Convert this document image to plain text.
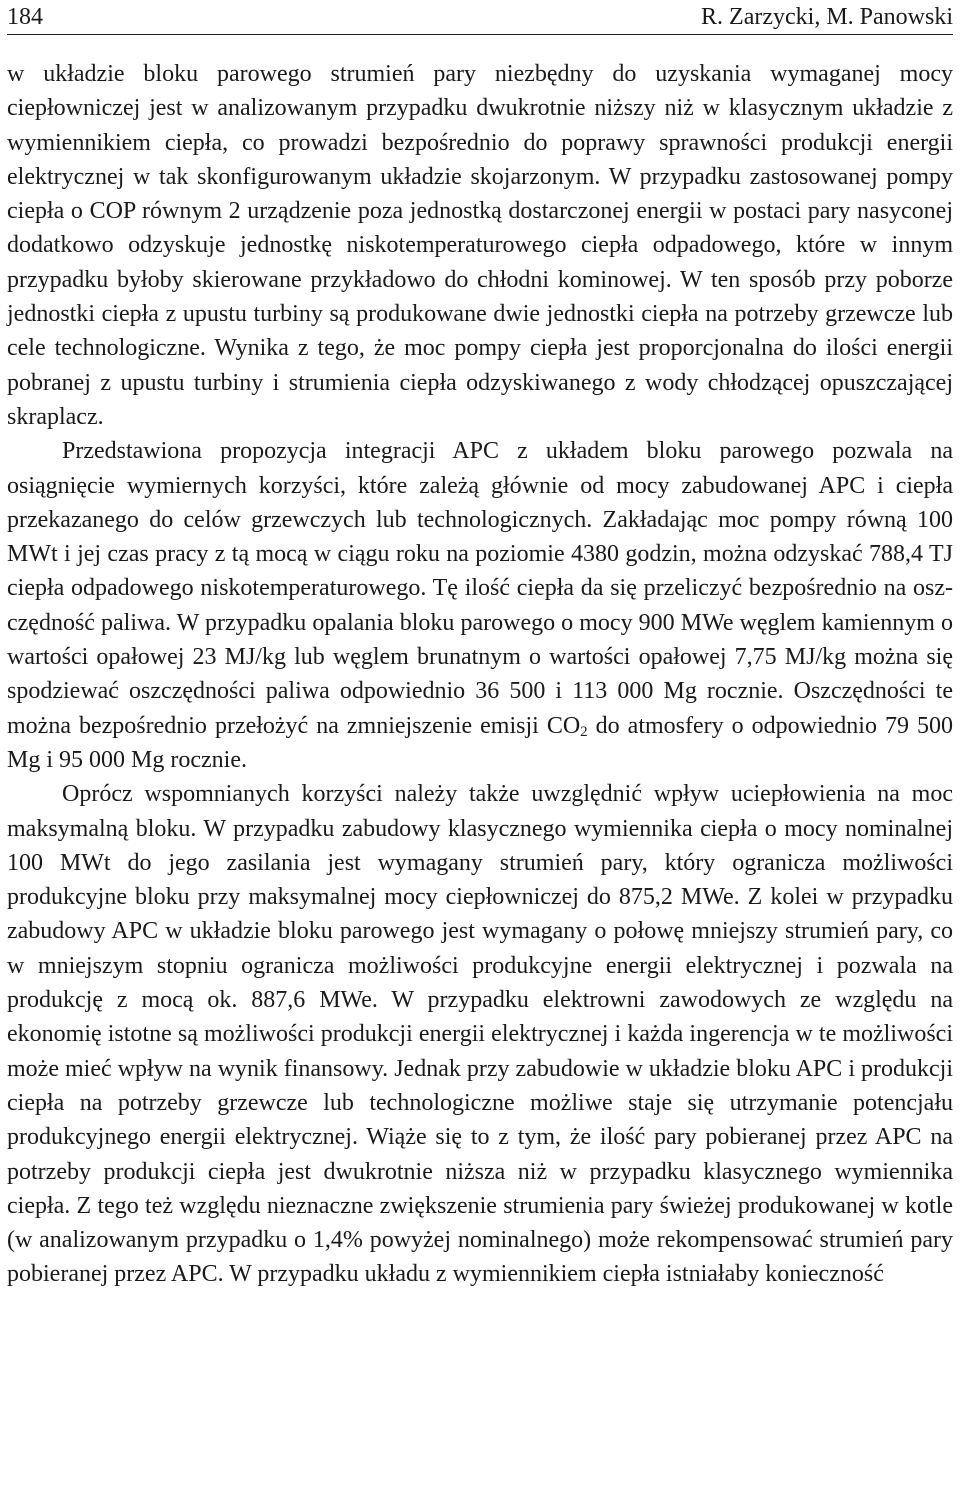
184	R. Zarzycki, M. Panowski

w układzie bloku parowego strumień pary niezbędny do uzyskania wymaganej mocy ciepłowniczej jest w analizowanym przypadku dwukrotnie niższy niż w klasycznym układzie z wymiennikiem ciepła, co prowadzi bezpośrednio do poprawy sprawności produkcji energii elektrycznej w tak skonfigurowanym układzie skojarzonym. W przypadku zastosowanej pompy ciepła o COP równym 2 urządzenie poza jednostką dostarczonej energii w postaci pary nasyconej dodatkowo odzyskuje jednostkę niskotemperaturowego ciepła odpadowego, które w innym przypadku byłoby skierowane przykładowo do chłodni kominowej. W ten sposób przy poborze jednostki ciepła z upustu turbiny są produkowane dwie jednostki ciepła na potrzeby grzewcze lub cele technologiczne. Wynika z tego, że moc pompy ciepła jest proporcjonalna do ilości energii pobranej z upustu turbiny i strumienia ciepła odzyskiwanego z wody chłodzącej opuszczającej skraplacz.

Przedstawiona propozycja integracji APC z układem bloku parowego pozwala na osiągnięcie wymiernych korzyści, które zależą głównie od mocy zabudowanej APC i ciepła przekazanego do celów grzewczych lub technologicznych. Zakładając moc pompy równą 100 MWt i jej czas pracy z tą mocą w ciągu roku na poziomie 4380 godzin, można odzyskać 788,4 TJ ciepła odpadowego niskotemperaturowego. Tę ilość ciepła da się przeliczyć bezpośrednio na oszczędność paliwa. W przypadku opalania bloku parowego o mocy 900 MWe węglem kamiennym o wartości opałowej 23 MJ/kg lub węglem brunatnym o wartości opałowej 7,75 MJ/kg można się spodziewać oszczędności paliwa odpowiednio 36 500 i 113 000 Mg rocznie. Oszczędności te można bezpośrednio przełożyć na zmniejszenie emisji $CO_2$ do atmosfery o odpowiednio 79 500 Mg i 95 000 Mg rocznie.

Oprócz wspomnianych korzyści należy także uwzględnić wpływ uciepłowienia na moc maksymalną bloku. W przypadku zabudowy klasycznego wymiennika ciepła o mocy nominalnej 100 MWt do jego zasilania jest wymagany strumień pary, który ogranicza możliwości produkcyjne bloku przy maksymalnej mocy ciepłowniczej do 875,2 MWe. Z kolei w przypadku zabudowy APC w układzie bloku parowego jest wymagany o połowę mniejszy strumień pary, co w mniejszym stopniu ogranicza możliwości produkcyjne energii elektrycznej i pozwala na produkcję z mocą ok. 887,6 MWe. W przypadku elektrowni zawodowych ze względu na ekonomię istotne są możliwości produkcji energii elektrycznej i każda ingerencja w te możliwości może mieć wpływ na wynik finansowy. Jednak przy zabudowie w układzie bloku APC i produkcji ciepła na potrzeby grzewcze lub technologiczne możliwe staje się utrzymanie potencjału produkcyjnego energii elektrycznej. Wiąże się to z tym, że ilość pary pobieranej przez APC na potrzeby produkcji ciepła jest dwukrotnie niższa niż w przypadku klasycznego wymiennika ciepła. Z tego też względu nieznaczne zwiększenie strumienia pary świeżej produkowanej w kotle (w analizowanym przypadku o 1,4% powyżej nominalnego) może rekompensować strumień pary pobieranej przez APC. W przypadku układu z wymiennikiem ciepła istniałaby konieczność
